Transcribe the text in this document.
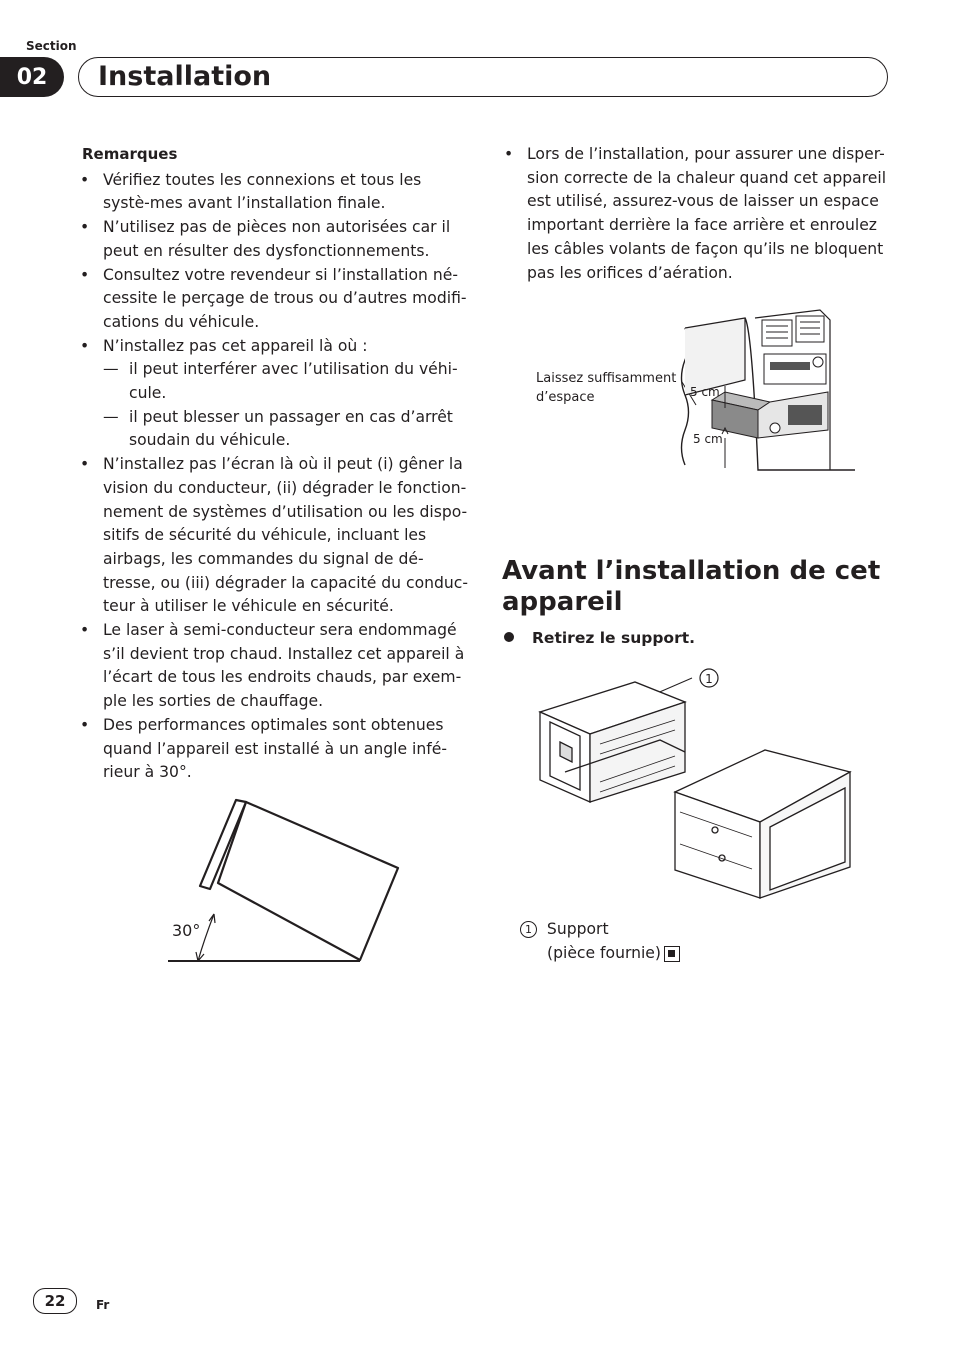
Section
02	Installation
Remarques
• Vérifiez toutes les connexions et tous les systè-mes avant l’installation finale.
• N’utilisez pas de pièces non autorisées car il peut en résulter des dysfonctionnements.
• Consultez votre revendeur si l’installation né-cessite le perçage de trous ou d’autres modifi-cations du véhicule.
• N’installez pas cet appareil là où :
— il peut interférer avec l’utilisation du véhi-cule.
— il peut blesser un passager en cas d’arrêt soudain du véhicule.
• N’installez pas l’écran là où il peut (i) gêner la vision du conducteur, (ii) dégrader le fonction-nement de systèmes d’utilisation ou les dispo-sitifs de sécurité du véhicule, incluant les airbags, les commandes du signal de dé-tresse, ou (iii) dégrader la capacité du conduc-teur à utiliser le véhicule en sécurité.
• Le laser à semi-conducteur sera endommagé s’il devient trop chaud. Installez cet appareil à l’écart de tous les endroits chauds, par exem-ple les sorties de chauffage.
• Des performances optimales sont obtenues quand l’appareil est installé à un angle infé-rieur à 30°.
30°
• Lors de l’installation, pour assurer une disper-sion correcte de la chaleur quand cet appareil est utilisé, assurez-vous de laisser un espace important derrière la face arrière et enroulez les câbles volants de façon qu’ils ne bloquent pas les orifices d’aération.
Laissez suffisamment
d’espace	5 cm
5 cm
Avant l’installation de cet appareil
Retirez le support.
1
1 Support
(pièce fournie)
22	Fr
